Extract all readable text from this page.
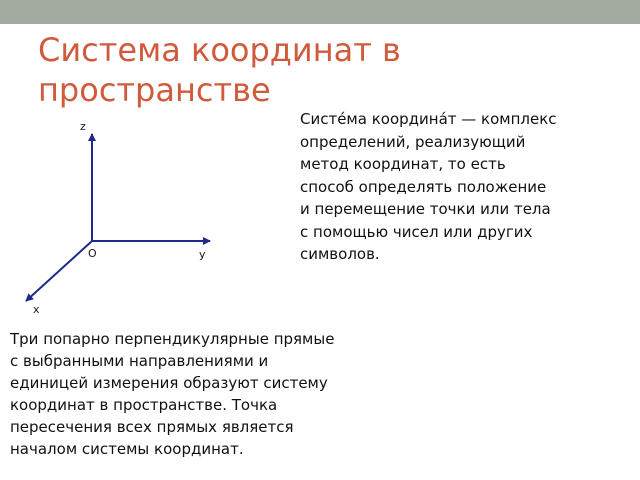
Система координат в
пространстве
z
y
x
O
Систе́ма координа́т — комплекс
определений, реализующий
метод координат, то есть
способ определять положение
и перемещение точки или тела
с помощью чисел или других
символов.
Три попарно перпендикулярные прямые
с выбранными направлениями и
единицей измерения образуют систему
координат в пространстве. Точка
пересечения всех прямых является
началом системы координат.
